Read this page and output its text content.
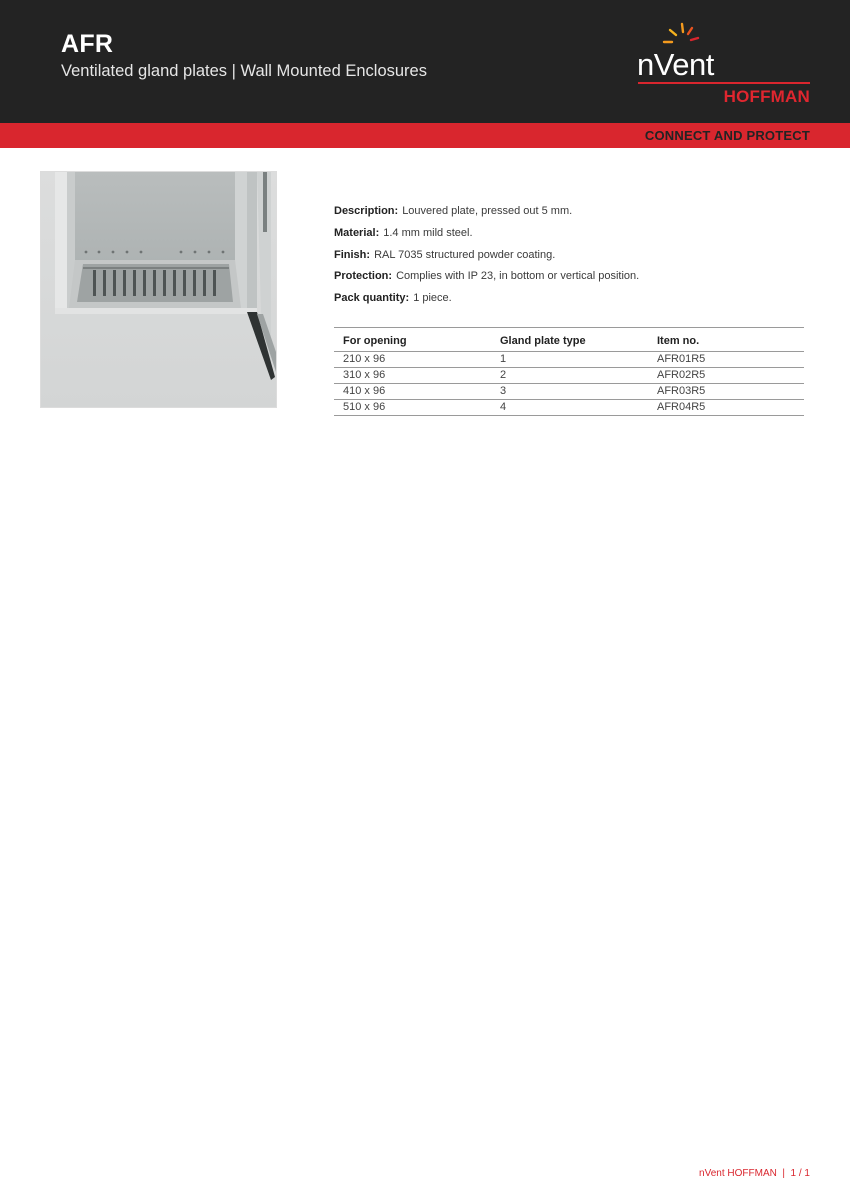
AFR
Ventilated gland plates | Wall Mounted Enclosures	nVent
HOFFMAN
CONNECT AND PROTECT
Description: Louvered plate, pressed out 5 mm.
Material: 1.4 mm mild steel.
Finish: RAL 7035 structured powder coating.
Protection: Complies with IP 23, in bottom or vertical position.
Pack quantity: 1 piece.
For opening	Gland plate type	Item no.
210 x 96	1	AFR01R5
310 x 96	2	AFR02R5
410 x 96	3	AFR03R5
510 x 96	4	AFR04R5
nVent HOFFMAN  |  1 / 1
